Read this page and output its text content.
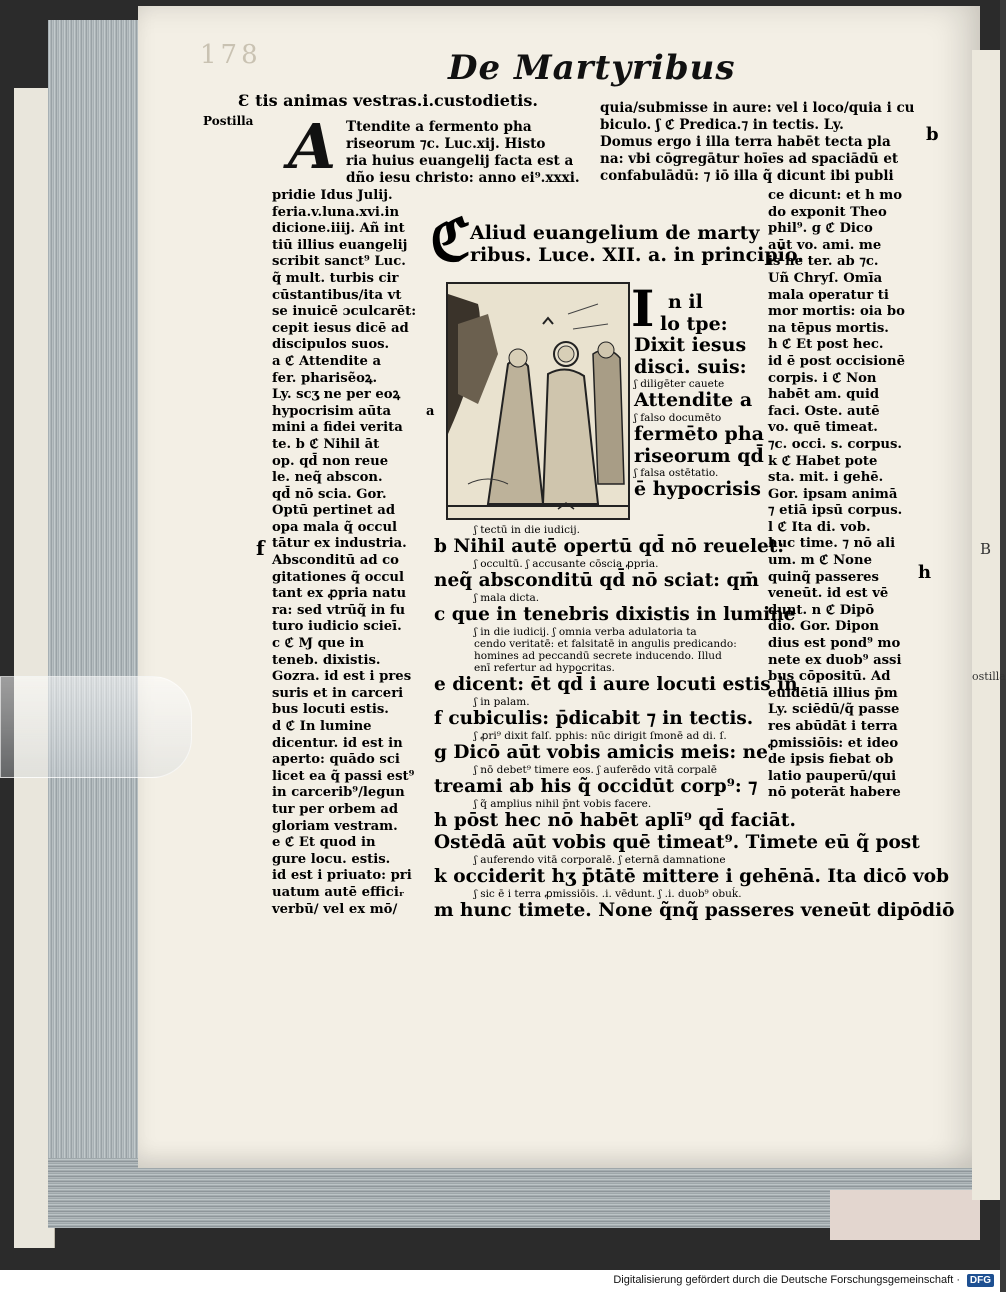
B
ostilla
178	De Martyribus
Ɛ tis animas vestras.i.custodietis.
Postilla A Ttendite a fermento pha
riseorum ⁊c. Luc.xij. Histo
ria huius euangelij facta est a
dño iesu christo: anno ei⁹.xxxi.
quia/submisse in aure: vel i loco/quia i cu
biculo. ʃ ℭ Predica.⁊ in tectis. Ly.
Domus ergo i illa terra habēt tecta pla
na: vbi cōgregātur hoīes ad spaciādū et
confabulādū: ⁊ iō illa q̃ dicunt ibi publi
pridie Idus Julij.
feria.v.luna.xvi.in
dicione.iiij. Añ int
tiū illius euangelij
scribit sanct⁹ Luc.
q̃ mult. turbis cir
cūstantibus/ita vt
se inuicē ɔculcarēt:
cepit iesus dicē ad
discipulos suos.
a ℭ Attendite a
fer. pharisẽoꝝ.
Ly. scʒ ne per eoꝝ
hypocrisim aūta
mini a fidei verita
te. b ℭ Nihil āt
op. qd̄ non reue
le. neq̃ abscon.
qd̄ nō scia. Gor.
Optū pertinet ad
opa mala q̃ occul
tātur ex industria.
Absconditū ad co
gitationes q̃ occul
tant ex ꝓpria natu
ra: sed vtrūq̃ in fu
turo iudicio scieī.
c ℭ Ɱ que in
teneb. dixistis.
Gozra. id est i pres
suris et in carceri
bus locuti estis.
d ℭ In lumine
dicentur. id est in
aperto: quādo sci
licet ea q̃ passi est⁹
in carcerib⁹/legun
tur per orbem ad
gloriam vestram.
e ℭ Et quod in
gure locu. estis.
id est i priuato: pri
uatum autē efficiᵣ
verbū/ vel ex mō/
ce dicunt: et h mo
do exponit Theo
phil⁹. g ℭ Dico
aūt vo. ami. me
is ne ter. ab ⁊c.
Uñ Chryſ. Omīa
mala operatur ti
mor mortis: oia bo
na tēpus mortis.
h ℭ Et post hec.
id ē post occisionē
corpis. i ℭ Non
habēt am. quid
faci. Oste. autē
vo. quē timeat.
⁊c. occi. s. corpus.
k ℭ Habet pote
sta. mit. i gehē.
Gor. ipsam animā
⁊ etiā ipsū corpus.
l ℭ Ita di. vob.
huc time. ⁊ nō ali
um. m ℭ None
quinq̃ passeres
veneūt. id est vē
dunt. n ℭ Dipō
dio. Gor. Dipon
dius est pond⁹ mo
nete ex duob⁹ assi
bus cōpositū. Ad
euidētiā illius p̄m
Ly. sciēdū/q̃ passe
res abūdāt i terra
ꝓmissiōis: et ideo
de ipsis fiebat ob
latio pauperū/qui
nō poterāt habere
ℭ Aliud euangelium de marty
ribus. Luce. XII. a. in principio.
I n il
lo tpe:
Dixit iesus
disci. suis:
ʃ diligēter cauete
Attendite a
ʃ falso documēto
fermēto pha
riseorum qd̄
ʃ falsa ostētatio.
ē hypocrisis
ʃ tectū in die iudicij.
b Nihil autē opertū qd̄ nō reuelet:
ʃ occultū. ʃ accusante cōscia ꝓpria.
neq̃ absconditū qd̄ nō sciat: qm̄
ʃ mala dicta.
c que in tenebris dixistis in lumine
ʃ in die iudicij. ʃ omnia verba adulatoria ta
cendo veritatē: et falsitatē in angulis predicando:
homines ad peccandū secrete inducendo. Illud
enī refertur ad hypocritas.
e dicent: ēt qd̄ i aure locuti estis in
ʃ in palam.
f cubiculis: p̄dicabit ⁊ in tectis.
ʃ ꝓri⁹ dixit falſ. pphis: nūc dirigit ſmonē ad di. ſ.
g Dicō aūt vobis amicis meis: ne
ʃ nō debet⁹ timere eos. ʃ auferēdo vitā corpalē
treami ab his q̃ occidūt corp⁹: ⁊
ʃ q̃ amplius nihil p̄nt vobis facere.
h pōst hec nō habēt aplī⁹ qd̄ faciāt.
Ostēdā aūt vobis quē timeat⁹. Timete eū q̃ post
ʃ auferendo vitā corporalē. ʃ eternā damnatione
k occiderit hʒ p̄tātē mittere i gehēnā. Ita dicō vob
ʃ sic ē i terra ꝓmissiōis. .i. vēdunt. ʃ .i. duob⁹ obuḱ.
m hunc timete. None q̃nq̃ passeres veneūt dipōdiō
a
f
b
h
Digitalisierung gefördert durch die Deutsche Forschungsgemeinschaft · DFG
